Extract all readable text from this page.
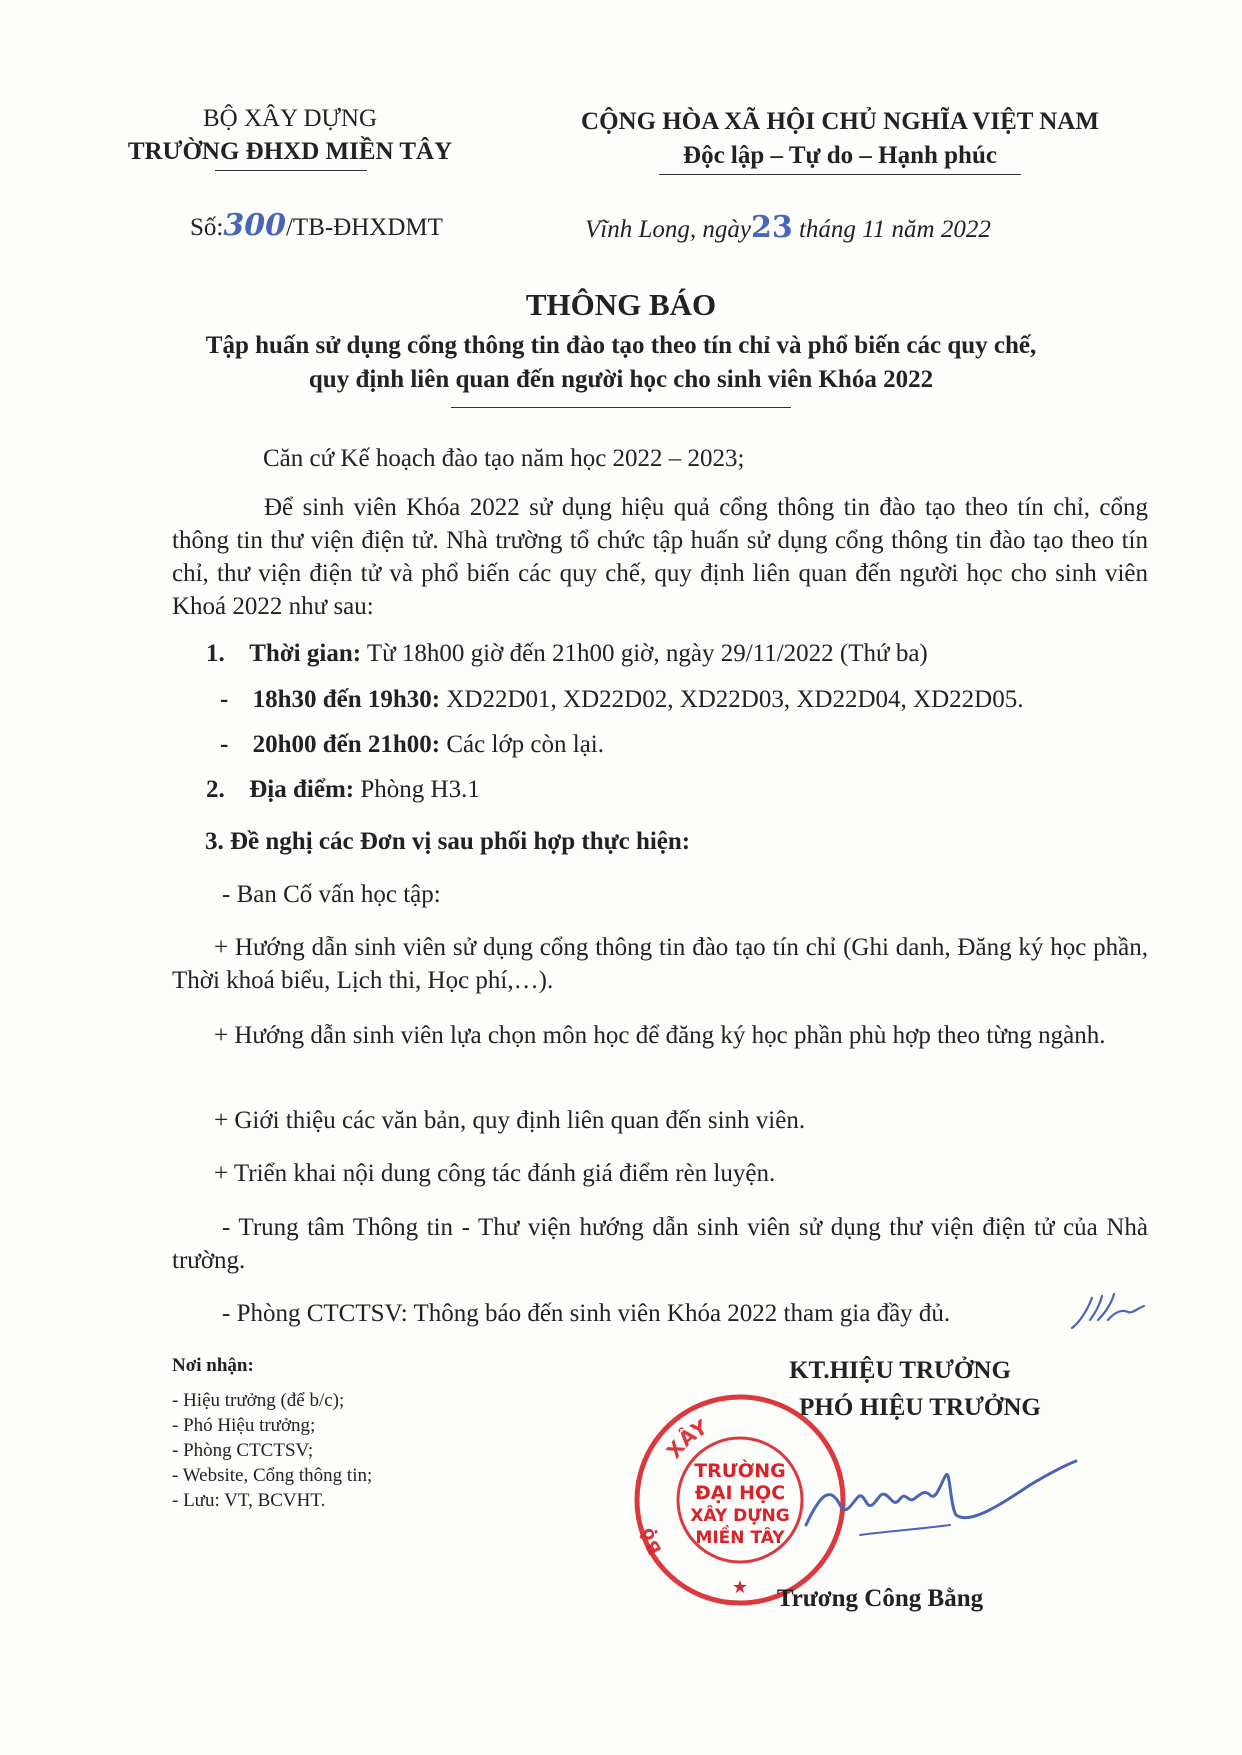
BỘ XÂY DỰNG
TRƯỜNG ĐHXD MIỀN TÂY
Số:300/TB-ĐHXDMT
CỘNG HÒA XÃ HỘI CHỦ NGHĨA VIỆT NAM
Độc lập – Tự do – Hạnh phúc
Vĩnh Long, ngày23 tháng 11 năm 2022
THÔNG BÁO
Tập huấn sử dụng cổng thông tin đào tạo theo tín chỉ và phổ biến các quy chế,
quy định liên quan đến người học cho sinh viên Khóa 2022
Căn cứ Kế hoạch đào tạo năm học 2022 – 2023;
Để sinh viên Khóa 2022 sử dụng hiệu quả cổng thông tin đào tạo theo tín chỉ, cổng thông tin thư viện điện tử. Nhà trường tổ chức tập huấn sử dụng cổng thông tin đào tạo theo tín chỉ, thư viện điện tử và phổ biến các quy chế, quy định liên quan đến người học cho sinh viên Khoá 2022 như sau:
1. Thời gian: Từ 18h00 giờ đến 21h00 giờ, ngày 29/11/2022 (Thứ ba)
- 18h30 đến 19h30: XD22D01, XD22D02, XD22D03, XD22D04, XD22D05.
- 20h00 đến 21h00: Các lớp còn lại.
2. Địa điểm: Phòng H3.1
3. Đề nghị các Đơn vị sau phối hợp thực hiện:
- Ban Cố vấn học tập:
+ Hướng dẫn sinh viên sử dụng cổng thông tin đào tạo tín chỉ (Ghi danh, Đăng ký học phần, Thời khoá biểu, Lịch thi, Học phí,…).
+ Hướng dẫn sinh viên lựa chọn môn học để đăng ký học phần phù hợp theo từng ngành.
+ Giới thiệu các văn bản, quy định liên quan đến sinh viên.
+ Triển khai nội dung công tác đánh giá điểm rèn luyện.
- Trung tâm Thông tin - Thư viện hướng dẫn sinh viên sử dụng thư viện điện tử của Nhà trường.
- Phòng CTCTSV: Thông báo đến sinh viên Khóa 2022 tham gia đầy đủ.
Nơi nhận:
- Hiệu trưởng (để b/c);
- Phó Hiệu trưởng;
- Phòng CTCTSV;
- Website, Cổng thông tin;
- Lưu: VT, BCVHT.
KT.HIỆU TRƯỞNG
PHÓ HIỆU TRƯỞNG
XÂY
Bộ
TRƯỜNG
ĐẠI HỌC
XÂY DỰNG
MIỀN TÂY
★	Trương Công Bằng
